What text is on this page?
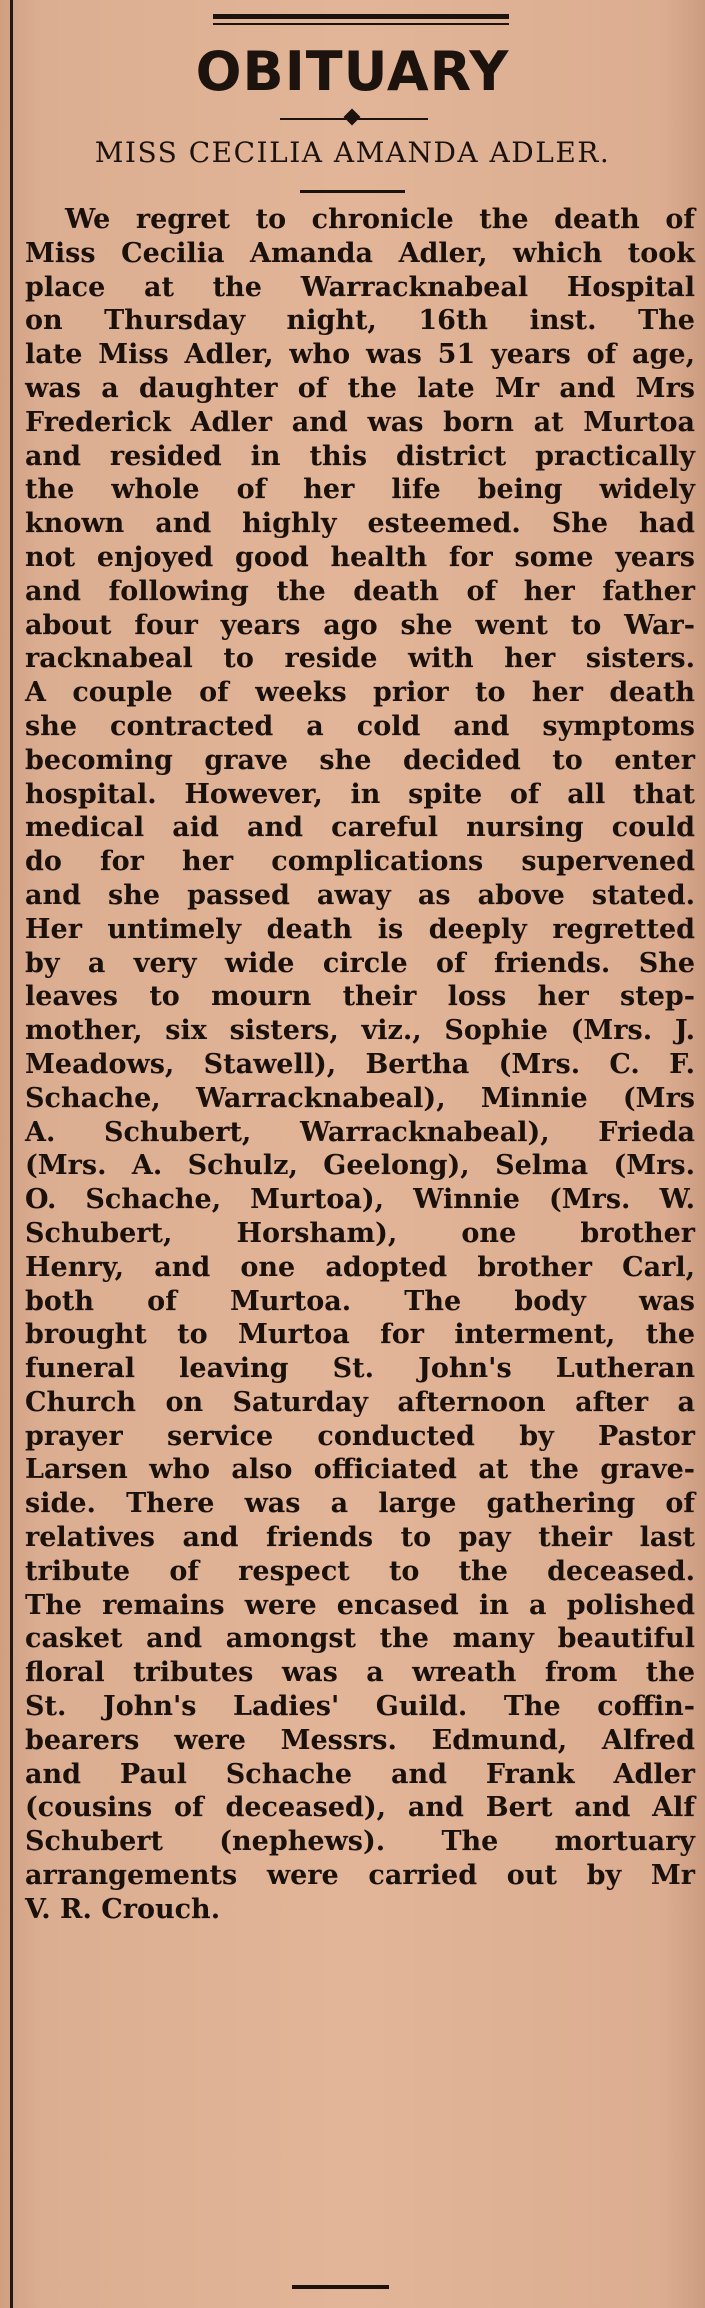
OBITUARY
MISS CECILIA AMANDA ADLER.
We regret to chronicle the death of
Miss Cecilia Amanda Adler, which took
place at the Warracknabeal Hospital
on Thursday night, 16th inst. The
late Miss Adler, who was 51 years of age,
was a daughter of the late Mr and Mrs
Frederick Adler and was born at Murtoa
and resided in this district practically
the whole of her life being widely
known and highly esteemed. She had
not enjoyed good health for some years
and following the death of her father
about four years ago she went to War-
racknabeal to reside with her sisters.
A couple of weeks prior to her death
she contracted a cold and symptoms
becoming grave she decided to enter
hospital. However, in spite of all that
medical aid and careful nursing could
do for her complications supervened
and she passed away as above stated.
Her untimely death is deeply regretted
by a very wide circle of friends. She
leaves to mourn their loss her step-
mother, six sisters, viz., Sophie (Mrs. J.
Meadows, Stawell), Bertha (Mrs. C. F.
Schache, Warracknabeal), Minnie (Mrs
A. Schubert, Warracknabeal), Frieda
(Mrs. A. Schulz, Geelong), Selma (Mrs.
O. Schache, Murtoa), Winnie (Mrs. W.
Schubert, Horsham), one brother
Henry, and one adopted brother Carl,
both of Murtoa. The body was
brought to Murtoa for interment, the
funeral leaving St. John's Lutheran
Church on Saturday afternoon after a
prayer service conducted by Pastor
Larsen who also officiated at the grave-
side. There was a large gathering of
relatives and friends to pay their last
tribute of respect to the deceased.
The remains were encased in a polished
casket and amongst the many beautiful
floral tributes was a wreath from the
St. John's Ladies' Guild. The coffin-
bearers were Messrs. Edmund, Alfred
and Paul Schache and Frank Adler
(cousins of deceased), and Bert and Alf
Schubert (nephews). The mortuary
arrangements were carried out by Mr
V. R. Crouch.
